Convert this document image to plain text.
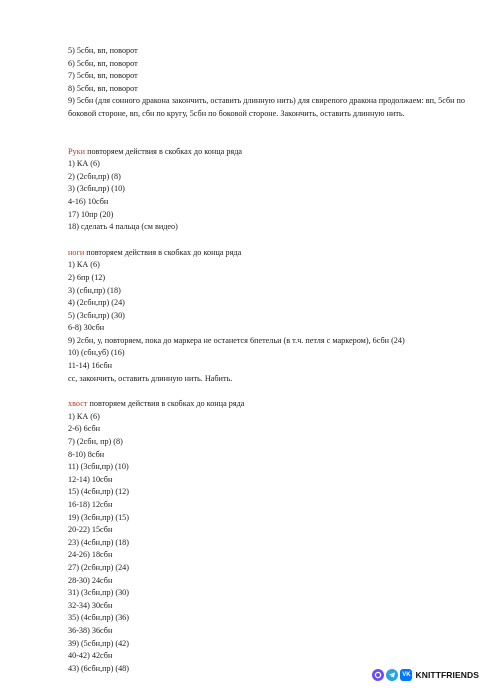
5) 5сбн, вп, поворот
6) 5сбн, вп, поворот
7) 5сбн, вп, поворот
8) 5сбн, вп, поворот
9) 5сбн (для сонного дракона закончить, оставить длинную нить) для свирепого дракона продолжаем: вп, 5сбн по боковой стороне, вп, сбн по кругу, 5сбн по боковой стороне. Закончить, оставить длинную нить.
Руки повторяем действия в скобках до конца ряда
1) КА (6)
2) (2сбн,пр) (8)
3) (3сбн,пр) (10)
4-16) 10сбн
17) 10пр (20)
18) сделать 4 пальца (см видео)
ноги повторяем действия в скобках до конца ряда
1) КА (6)
2) 6пр (12)
3) (сбн,пр) (18)
4) (2сбн,пр) (24)
5) (3сбн,пр) (30)
6-8) 30сбн
9) 2сбн, у, повторяем, пока до маркера не останется 6петельи (в т.ч. петля с маркером), 6сбн (24)
10) (сбн,уб) (16)
11-14) 16сбн
сс, закончить, оставить длинную нить. Набить.
хвост повторяем действия в скобках до конца ряда
1) КА (6)
2-6) 6сбн
7) (2сбн, пр) (8)
8-10) 8сбн
11) (3сбн,пр) (10)
12-14) 10сбн
15) (4сбн,пр) (12)
16-18) 12сбн
19) (3сбн,пр) (15)
20-22) 15сбн
23) (4сбн,пр) (18)
24-26) 18сбн
27) (2сбн,пр) (24)
28-30) 24сбн
31) (3сбн,пр) (30)
32-34) 30сбн
35) (4сбн,пр) (36)
36-38) 36сбн
39) (5сбн,пр) (42)
40-42) 42сбн
43) (6сбн,пр) (48)
VK KNITTFRIENDS
